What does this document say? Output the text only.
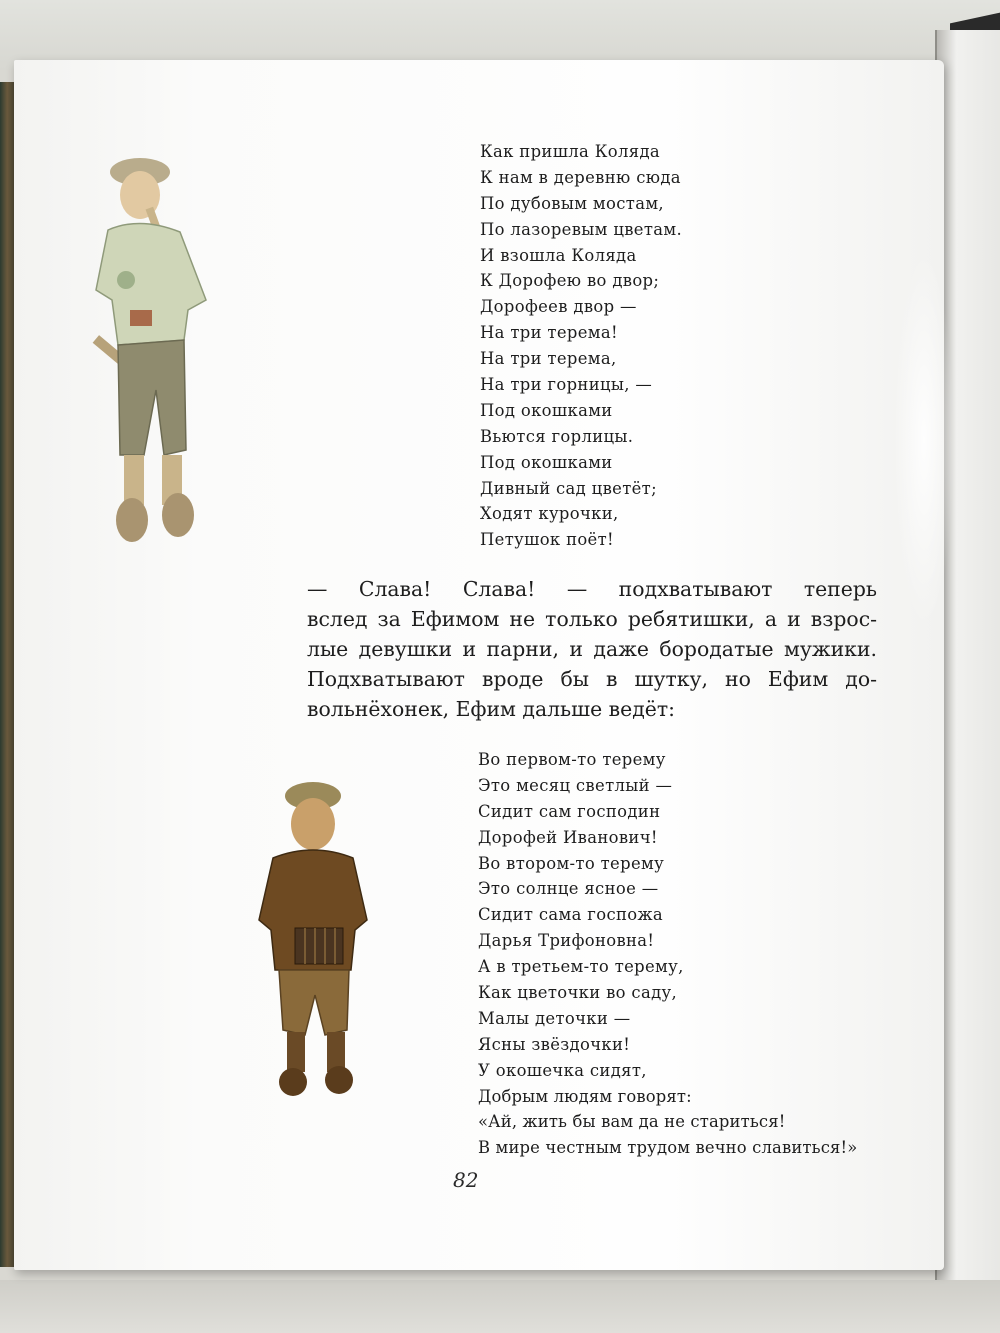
Как пришла Коляда
К нам в деревню сюда
По дубовым мостам,
По лазоревым цветам.
И взошла Коляда
К Дорофею во двор;
Дорофеев двор —
На три терема!
На три терема,
На три горницы, —
Под окошками
Вьются горлицы.
Под окошками
Дивный сад цветёт;
Ходят курочки,
Петушок поёт!
— Слава! Слава! — подхватывают теперь
вслед за Ефимом не только ребятишки, а и взрос-
лые девушки и парни, и даже бородатые мужики.
Подхватывают вроде бы в шутку, но Ефим до-
вольнёхонек, Ефим дальше ведёт:
Во первом-то терему
Это месяц светлый —
Сидит сам господин
Дорофей Иванович!
Во втором-то терему
Это солнце ясное —
Сидит сама госпожа
Дарья Трифоновна!
А в третьем-то терему,
Как цветочки во саду,
Малы деточки —
Ясны звёздочки!
У окошечка сидят,
Добрым людям говорят:
«Ай, жить бы вам да не стариться!
В мире честным трудом вечно славиться!»
82
